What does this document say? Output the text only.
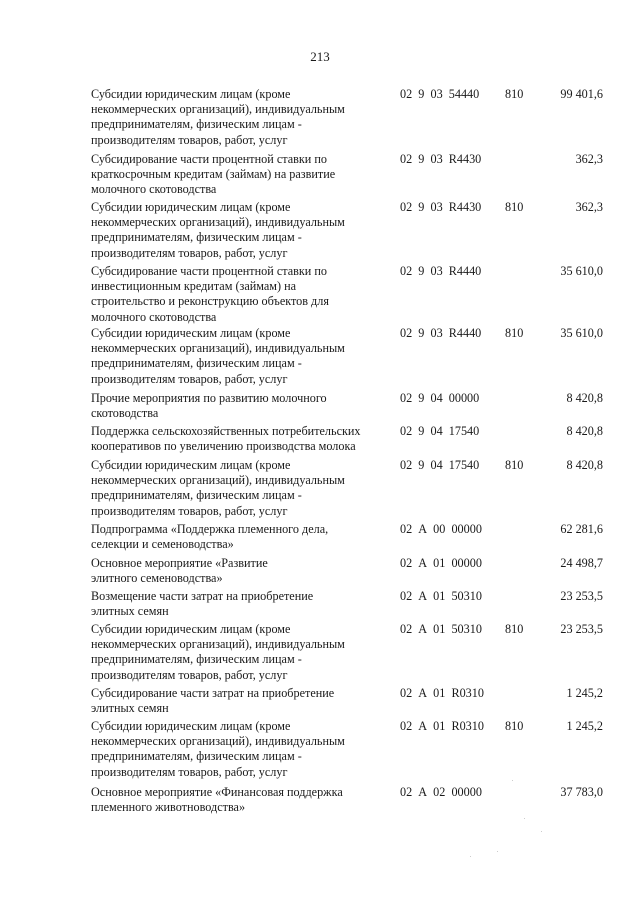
213
Субсидии юридическим лицам (кроме
некоммерческих организаций), индивидуальным
предпринимателям, физическим лицам -
производителям товаров, работ, услуг
02  9  03  54440	810	99 401,6
Субсидирование части процентной ставки по
краткосрочным кредитам (займам) на развитие
молочного скотоводства
02  9  03  R4430	362,3
Субсидии юридическим лицам (кроме
некоммерческих организаций), индивидуальным
предпринимателям, физическим лицам -
производителям товаров, работ, услуг
02  9  03  R4430	810	362,3
Субсидирование части процентной ставки по
инвестиционным кредитам (займам) на
строительство и реконструкцию объектов для
молочного скотоводства
02  9  03  R4440	35 610,0
Субсидии юридическим лицам (кроме
некоммерческих организаций), индивидуальным
предпринимателям, физическим лицам -
производителям товаров, работ, услуг
02  9  03  R4440	810	35 610,0
Прочие мероприятия по развитию молочного
скотоводства
02  9  04  00000	8 420,8
Поддержка сельскохозяйственных потребительских
кооперативов по увеличению производства молока
02  9  04  17540	8 420,8
Субсидии юридическим лицам (кроме
некоммерческих организаций), индивидуальным
предпринимателям, физическим лицам -
производителям товаров, работ, услуг
02  9  04  17540	810	8 420,8
Подпрограмма «Поддержка племенного дела,
селекции и семеноводства»
02  А  00  00000	62 281,6
Основное мероприятие «Развитие
элитного семеноводства»
02  А  01  00000	24 498,7
Возмещение части затрат на приобретение
элитных семян
02  А  01  50310	23 253,5
Субсидии юридическим лицам (кроме
некоммерческих организаций), индивидуальным
предпринимателям, физическим лицам -
производителям товаров, работ, услуг
02  А  01  50310	810	23 253,5
Субсидирование части затрат на приобретение
элитных семян
02  А  01  R0310	1 245,2
Субсидии юридическим лицам (кроме
некоммерческих организаций), индивидуальным
предпринимателям, физическим лицам -
производителям товаров, работ, услуг
02  А  01  R0310	810	1 245,2
Основное мероприятие «Финансовая поддержка
племенного животноводства»
02  А  02  00000	37 783,0
